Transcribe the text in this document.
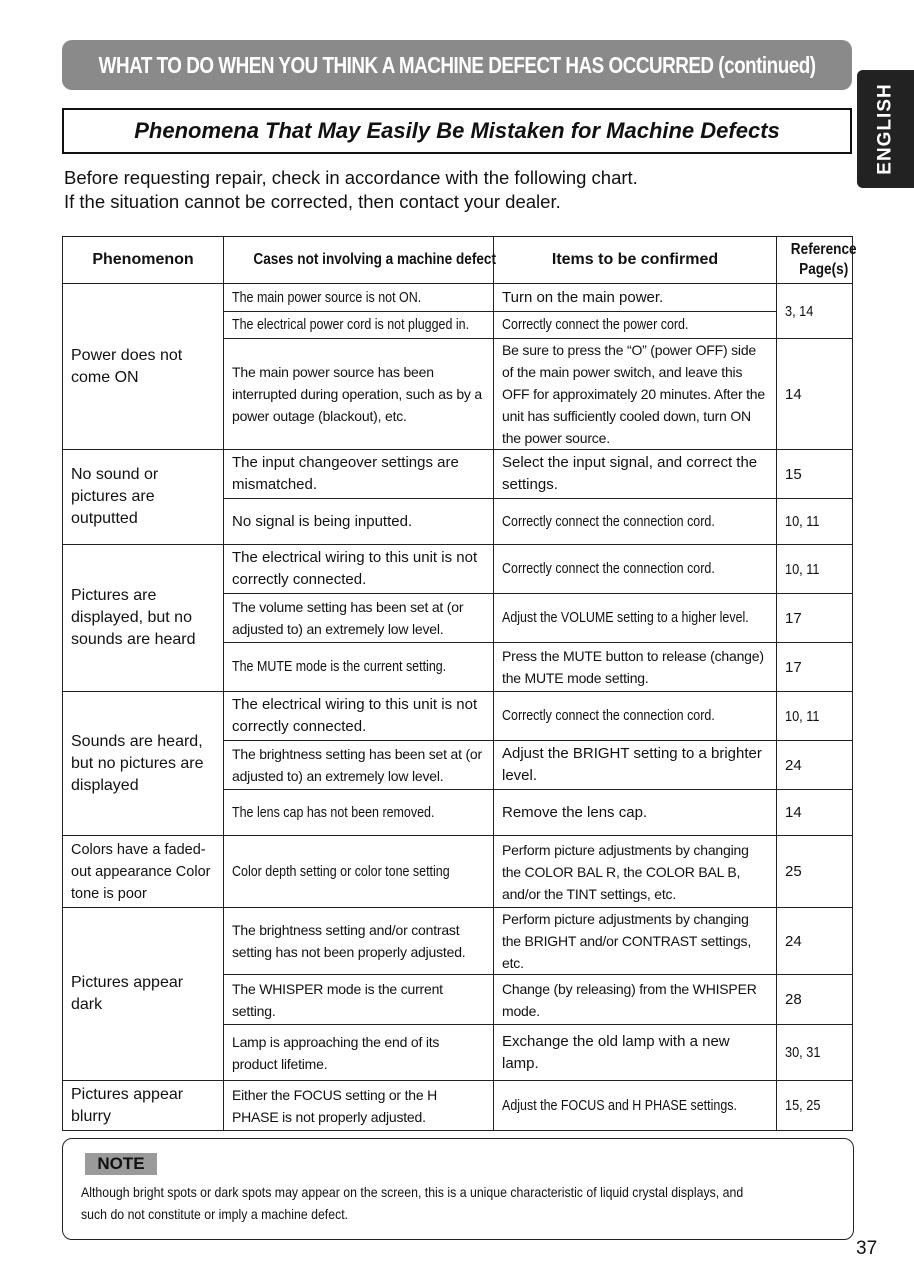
WHAT TO DO WHEN YOU THINK A MACHINE DEFECT HAS OCCURRED (continued)
ENGLISH
Phenomena That May Easily Be Mistaken for Machine Defects
Before requesting repair, check in accordance with the following chart.
If the situation cannot be corrected, then contact your dealer.
Phenomenon	Cases not involving a machine defect	Items to be confirmed	Reference Page(s)
Power does not come ON	The main power source is not ON.	Turn on the main power.	3, 14
	The electrical power cord is not plugged in.	Correctly connect the power cord.	
	The main power source has been interrupted during operation, such as by a power outage (blackout), etc.	Be sure to press the “O” (power OFF) side of the main power switch, and leave this OFF for approximately 20 minutes. After the unit has sufficiently cooled down, turn ON the power source.	14
No sound or pictures are outputted	The input changeover settings are mismatched.	Select the input signal, and correct the settings.	15
	No signal is being inputted.	Correctly connect the connection cord.	10, 11
Pictures are displayed, but no sounds are heard	The electrical wiring to this unit is not correctly connected.	Correctly connect the connection cord.	10, 11
	The volume setting has been set at (or adjusted to) an extremely low level.	Adjust the VOLUME setting to a higher level.	17
	The MUTE mode is the current setting.	Press the MUTE button to release (change) the MUTE mode setting.	17
Sounds are heard, but no pictures are displayed	The electrical wiring to this unit is not correctly connected.	Correctly connect the connection cord.	10, 11
	The brightness setting has been set at (or adjusted to) an extremely low level.	Adjust the BRIGHT setting to a brighter level.	24
	The lens cap has not been removed.	Remove the lens cap.	14
Colors have a faded-out appearance Color tone is poor	Color depth setting or color tone setting	Perform picture adjustments by changing the COLOR BAL R, the COLOR BAL B, and/or the TINT settings, etc.	25
Pictures appear dark	The brightness setting and/or contrast setting has not been properly adjusted.	Perform picture adjustments by changing the BRIGHT and/or CONTRAST settings, etc.	24
	The WHISPER mode is the current setting.	Change (by releasing) from the WHISPER mode.	28
	Lamp is approaching the end of its product lifetime.	Exchange the old lamp with a new lamp.	30, 31
Pictures appear blurry	Either the FOCUS setting or the H PHASE is not properly adjusted.	Adjust the FOCUS and H PHASE settings.	15, 25
NOTE
Although bright spots or dark spots may appear on the screen, this is a unique characteristic of liquid crystal displays, and such do not constitute or imply a machine defect.
37
